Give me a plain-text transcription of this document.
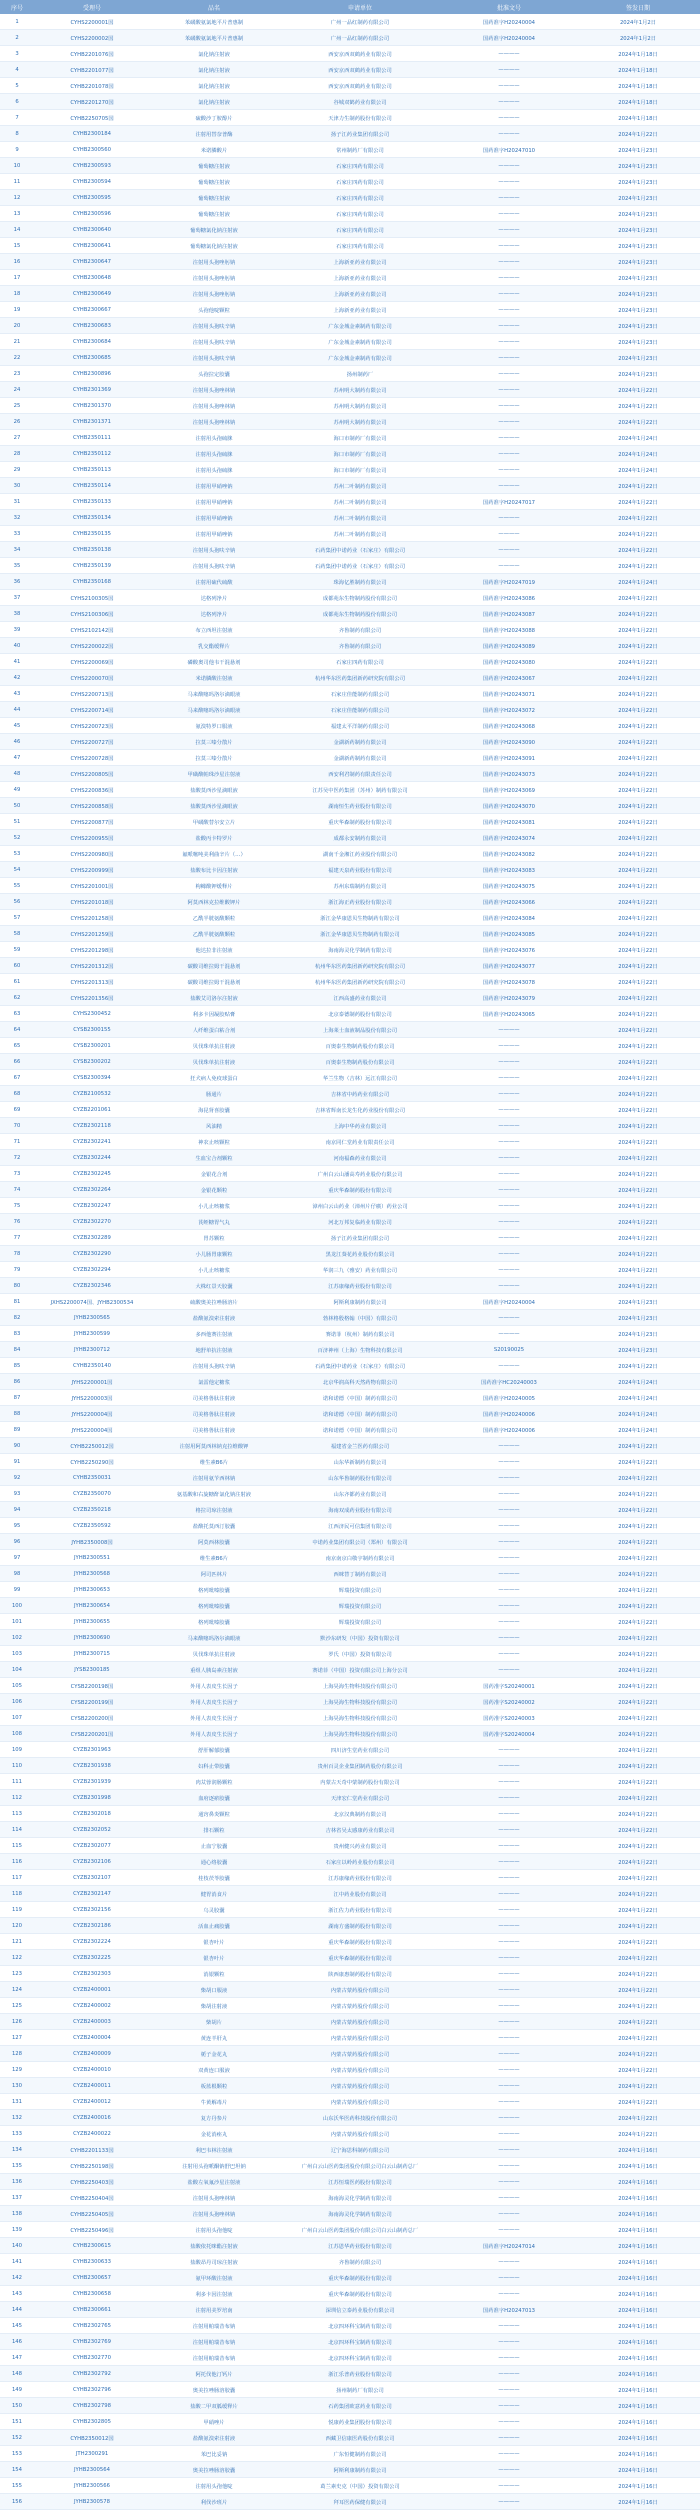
序号	受理号	品名	申请单位	批准文号	签发日期
1	CYHS2200001国	苯磺酸氨氯地平片普惠制	广州一品红制药有限公司	国药准字H20240004	2024年1月2日
2	CYHS2200002国	苯磺酸氨氯地平片普惠制	广州一品红制药有限公司	国药准字H20240004	2024年1月2日
3	CYHB2201076国	氯化钠注射液	西安京西双鹤药业有限公司	————	2024年1月18日
4	CYHB2201077国	氯化钠注射液	西安京西双鹤药业有限公司	————	2024年1月18日
5	CYHB2201078国	氯化钠注射液	西安京西双鹤药业有限公司	————	2024年1月18日
6	CYHB2201270国	氯化钠注射液	谷城双鹤药业有限公司	————	2024年1月18日
7	CYHB2250705国	硫酸沙丁胺醇片	天津力生制药股份有限公司	————	2024年1月18日
8	CYHB2300184	注射用替奈普酶	扬子江药业集团有限公司	————	2024年1月22日
9	CYHB2300560	米诺膦酸片	常州制药厂有限公司	国药准字H20247010	2024年1月23日
10	CYHB2300593	葡萄糖注射液	石家庄四药有限公司	————	2024年1月23日
11	CYHB2300594	葡萄糖注射液	石家庄四药有限公司	————	2024年1月23日
12	CYHB2300595	葡萄糖注射液	石家庄四药有限公司	————	2024年1月23日
13	CYHB2300596	葡萄糖注射液	石家庄四药有限公司	————	2024年1月23日
14	CYHB2300640	葡萄糖氯化钠注射液	石家庄四药有限公司	————	2024年1月23日
15	CYHB2300641	葡萄糖氯化钠注射液	石家庄四药有限公司	————	2024年1月23日
16	CYHB2300647	注射用头孢唑肟钠	上海新亚药业有限公司	————	2024年1月23日
17	CYHB2300648	注射用头孢唑肟钠	上海新亚药业有限公司	————	2024年1月23日
18	CYHB2300649	注射用头孢唑肟钠	上海新亚药业有限公司	————	2024年1月23日
19	CYHB2300667	头孢他啶颗粒	上海新亚药业有限公司	————	2024年1月23日
20	CYHB2300683	注射用头孢呋辛钠	广东金城金素制药有限公司	————	2024年1月23日
21	CYHB2300684	注射用头孢呋辛钠	广东金城金素制药有限公司	————	2024年1月23日
22	CYHB2300685	注射用头孢呋辛钠	广东金城金素制药有限公司	————	2024年1月23日
23	CYHB2300896	头孢拉定胶囊	扬州制药厂	————	2024年1月23日
24	CYHB2301369	注射用头孢唑林钠	苏州明大制药有限公司	————	2024年1月22日
25	CYHB2301370	注射用头孢唑林钠	苏州明大制药有限公司	————	2024年1月22日
26	CYHB2301371	注射用头孢唑林钠	苏州明大制药有限公司	————	2024年1月22日
27	CYHB2350111	注射用头孢硫脒	海口市制药厂有限公司	————	2024年1月24日
28	CYHB2350112	注射用头孢硫脒	海口市制药厂有限公司	————	2024年1月24日
29	CYHB2350113	注射用头孢硫脒	海口市制药厂有限公司	————	2024年1月24日
30	CYHB2350114	注射用甲硝唑钠	苏州二叶制药有限公司	————	2024年1月22日
31	CYHB2350133	注射用甲硝唑钠	苏州二叶制药有限公司	国药准字H20247017	2024年1月22日
32	CYHB2350134	注射用甲硝唑钠	苏州二叶制药有限公司	————	2024年1月22日
33	CYHB2350135	注射用甲硝唑钠	苏州二叶制药有限公司	————	2024年1月22日
34	CYHB2350138	注射用头孢呋辛钠	石药集团中诺药业（石家庄）有限公司	————	2024年1月22日
35	CYHB2350139	注射用头孢呋辛钠	石药集团中诺药业（石家庄）有限公司	————	2024年1月22日
36	CYHB2350168	注射用硫代硫酸	珠海亿胜制药有限公司	国药准字H20247019	2024年1月24日
37	CYHS2100305国	达格列净片	成都苑东生物制药股份有限公司	国药准字H20243086	2024年1月22日
38	CYHS2100306国	达格列净片	成都苑东生物制药股份有限公司	国药准字H20243087	2024年1月22日
39	CYHS2102142国	布立西坦注射液	齐鲁制药有限公司	国药准字H20243088	2024年1月22日
40	CYHS2200022国	乳交酯缓释片	齐鲁制药有限公司	国药准字H20243089	2024年1月22日
41	CYHS2200069国	磷酸奥司他韦干混悬剂	石家庄四药有限公司	国药准字H20243080	2024年1月22日
42	CYHS2200070国	米诺膦酸注射液	杭州华东医药集团新药研究院有限公司	国药准字H20243067	2024年1月22日
43	CYHS2200713国	马来酸噻吗洛尔滴眼液	石家庄佳能制药有限公司	国药准字H20243071	2024年1月22日
44	CYHS2200714国	马来酸噻吗洛尔滴眼液	石家庄佳能制药有限公司	国药准字H20243072	2024年1月22日
45	CYHS2200723国	氨溴特罗口服液	福建太平洋制药有限公司	国药准字H20243068	2024年1月22日
46	CYHS2200727国	拉莫三嗪分散片	金湖新药制药有限公司	国药准字H20243090	2024年1月22日
47	CYHS2200728国	拉莫三嗪分散片	金湖新药制药有限公司	国药准字H20243091	2024年1月22日
48	CYHS2200805国	甲磺酸帕珠沙星注射液	西安利君制药有限责任公司	国药准字H20243073	2024年1月22日
49	CYHS2200836国	盐酸莫西沙星滴眼液	江苏吴中医药集团（苏州）制药有限公司	国药准字H20243069	2024年1月22日
50	CYHS2200858国	盐酸莫西沙星滴眼液	湖南恒生药业股份有限公司	国药准字H20243070	2024年1月22日
51	CYHS2200877国	甲磺酸替尔安立片	重庆华森制药股份有限公司	国药准字H20243081	2024年1月22日
52	CYHS2200955国	盐酸丙卡特罗片	成都永安制药有限公司	国药准字H20243074	2024年1月22日
53	CYHS2200980国	氟哌噻吨美利曲辛片（…）	湖南千金湘江药业股份有限公司	国药准字H20243082	2024年1月22日
54	CYHS2200999国	盐酸布比卡因注射液	福建天泉药业股份有限公司	国药准字H20243083	2024年1月22日
55	CYHS2201001国	枸橼酸钾缓释片	苏州东瑞制药有限公司	国药准字H20243075	2024年1月22日
56	CYHS2201018国	阿莫西林克拉维酸钾片	浙江海正药业股份有限公司	国药准字H20243066	2024年1月22日
57	CYHS2201258国	乙酰半胱氨酸颗粒	浙江金华康恩贝生物制药有限公司	国药准字H20243084	2024年1月22日
58	CYHS2201259国	乙酰半胱氨酸颗粒	浙江金华康恩贝生物制药有限公司	国药准字H20243085	2024年1月22日
59	CYHS2201298国	他达拉非注射液	海南海灵化学制药有限公司	国药准字H20243076	2024年1月22日
60	CYHS2201312国	碳酸司维拉姆干混悬剂	杭州华东医药集团新药研究院有限公司	国药准字H20243077	2024年1月22日
61	CYHS2201313国	碳酸司维拉姆干混悬剂	杭州华东医药集团新药研究院有限公司	国药准字H20243078	2024年1月22日
62	CYHS2201356国	盐酸艾司洛尔注射液	江西高盛药业有限公司	国药准字H20243079	2024年1月22日
63	CYHS2300452	利多卡因凝胶贴膏	北京泰德制药股份有限公司	国药准字H20243065	2024年1月22日
64	CYSB2300155	人纤维蛋白粘合剂	上海莱士血液制品股份有限公司	————	2024年1月22日
65	CYSB2300201	贝伐珠单抗注射液	百奥泰生物制药股份有限公司	————	2024年1月22日
66	CYSB2300202	贝伐珠单抗注射液	百奥泰生物制药股份有限公司	————	2024年1月22日
67	CYSB2300394	狂犬病人免疫球蛋白	华兰生物（吉林）远江有限公司	————	2024年1月22日
68	CYZB2100532	肠通片	吉林省中药药业有限公司	————	2024年1月22日
69	CYZB2201061	海昆肾喜胶囊	吉林省辉南长龙生化药业股份有限公司	————	2024年1月22日
70	CYZB2302118	风油精	上海中华药业有限公司	————	2024年1月22日
71	CYZB2302241	神农止咳颗粒	南京同仁堂药业有限责任公司	————	2024年1月22日
72	CYZB2302244	生血宝合剂颗粒	河南福森药业有限公司	————	2024年1月22日
73	CYZB2302245	金银花合剂	广州白云山潘高寿药业股份有限公司	————	2024年1月22日
74	CYZB2302264	金银花颗粒	重庆华森制药股份有限公司	————	2024年1月22日
75	CYZB2302247	小儿止咳糖浆	漳州白云山药业（漳州片仔癀）药业公司	————	2024年1月22日
76	CYZB2302270	芪蛭糖胃气丸	河北万邦复临药业有限公司	————	2024年1月22日
77	CYZB2302289	胃苏颗粒	扬子江药业集团有限公司	————	2024年1月22日
78	CYZB2302290	小儿肠胃康颗粒	黑龙江葵花药业股份有限公司	————	2024年1月22日
79	CYZB2302294	小儿止咳糖浆	华润三九（雅安）药业有限公司	————	2024年1月22日
80	CYZB2302346	大株红景天胶囊	江苏康缘药业股份有限公司	————	2024年1月22日
81	JXHS2200074国、JYHB2300534	硫酸奥美拉唑肠溶片	阿斯利康制药有限公司	国药准字H20240004	2024年1月23日
82	JYHB2300565	盐酸氨溴索注射液	勃林格殷格翰（中国）有限公司	————	2024年1月23日
83	JYHB2300599	多西他赛注射液	赛诺菲（杭州）制药有限公司	————	2024年1月23日
84	JYHB2300712	地舒单抗注射液	百济神州（上海）生物科技有限公司	S20190025	2024年1月23日
85	CYHB2350140	注射用头孢呋辛钠	石药集团中诺药业（石家庄）有限公司	————	2024年1月22日
86	JYHS2200001国	氯雷他定糖浆	北京华润高科天然药物有限公司	国药准字HC20240003	2024年1月24日
87	JYHS2200003国	司美格鲁肽注射液	诺和诺德（中国）制药有限公司	国药准字H20240005	2024年1月24日
88	JYHS2200004国	司美格鲁肽注射液	诺和诺德（中国）制药有限公司	国药准字H20240006	2024年1月24日
89	JYHS2200004国	司美格鲁肽注射液	诺和诺德（中国）制药有限公司	国药准字H20240006	2024年1月24日
90	CYHB2250012国	注射用阿莫西林钠克拉维酸钾	福建省金兰医药有限公司	————	2024年1月22日
91	CYHB2250290国	维生素B6片	山东华新制药有限公司	————	2024年1月22日
92	CYHB2350031	注射用氨苄西林钠	山东华鲁制药股份有限公司	————	2024年1月22日
93	CYZB2350070	氨基酸和右旋糖酐氯化钠注射液	山东齐都药业有限公司	————	2024年1月22日
94	CYZB2350218	格拉司琼注射液	海南双成药业股份有限公司	————	2024年1月22日
95	CYZB2350592	盐酸托莫西汀胶囊	江西济民可信集团有限公司	————	2024年1月22日
96	JYHB2350008国	阿莫西林胶囊	中诺药业集团有限公司（郑州）有限公司	————	2024年1月22日
97	JYHB2300551	维生素B6片	南京南京白敬宇制药有限公司	————	2024年1月22日
98	JYHB2300568	阿司匹林片	西咪替丁制药有限公司	————	2024年1月22日
99	JYHB2300653	格列吡嗪胶囊	辉瑞投资有限公司	————	2024年1月22日
100	JYHB2300654	格列吡嗪胶囊	辉瑞投资有限公司	————	2024年1月22日
101	JYHB2300655	格列吡嗪胶囊	辉瑞投资有限公司	————	2024年1月22日
102	JYHB2300690	马来酸噻吗洛尔滴眼液	默沙东研发（中国）投资有限公司	————	2024年1月22日
103	JYHB2300715	贝伐珠单抗注射液	罗氏（中国）投资有限公司	————	2024年1月22日
104	JYSB2300185	重组人胰岛素注射液	赛诺菲（中国）投资有限公司上海分公司	————	2024年1月22日
105	CYSB2200198国	外用人表皮生长因子	上海昊海生物科技股份有限公司	国药准字S20240001	2024年1月22日
106	CYSB2200199国	外用人表皮生长因子	上海昊海生物科技股份有限公司	国药准字S20240002	2024年1月22日
107	CYSB2200200国	外用人表皮生长因子	上海昊海生物科技股份有限公司	国药准字S20240003	2024年1月22日
108	CYSB2200201国	外用人表皮生长因子	上海昊海生物科技股份有限公司	国药准字S20240004	2024年1月22日
109	CYZB2301963	舒肝解郁胶囊	四川济生堂药业有限公司	————	2024年1月22日
110	CYZB2301938	妇科止带胶囊	贵州百灵企业集团制药股份有限公司	————	2024年1月22日
111	CYZB2301939	肉苁蓉润肠颗粒	内蒙古天奇中蒙制药股份有限公司	————	2024年1月22日
112	CYZB2301998	血府逐瘀胶囊	天津宏仁堂药业有限公司	————	2024年1月22日
113	CYZB2302018	通窍鼻炎颗粒	北京汉典制药有限公司	————	2024年1月22日
114	CYZB2302052	排石颗粒	吉林省吴太感康药业有限公司	————	2024年1月22日
115	CYZB2302077	止血宁胶囊	贵州健兴药业有限公司	————	2024年1月22日
116	CYZB2302106	通心络胶囊	石家庄以岭药业股份有限公司	————	2024年1月22日
117	CYZB2302107	桂枝茯苓胶囊	江苏康缘药业股份有限公司	————	2024年1月22日
118	CYZB2302147	健胃消食片	江中药业股份有限公司	————	2024年1月22日
119	CYZB2302156	乌灵胶囊	浙江佐力药业股份有限公司	————	2024年1月22日
120	CYZB2302186	活血止痛胶囊	湖南方盛制药股份有限公司	————	2024年1月22日
121	CYZB2302224	银杏叶片	重庆华森制药股份有限公司	————	2024年1月22日
122	CYZB2302225	银杏叶片	重庆华森制药股份有限公司	————	2024年1月22日
123	CYZB2302303	消银颗粒	陕西康惠制药股份有限公司	————	2024年1月22日
124	CYZB2400001	柴胡口服液	内蒙古蒙药股份有限公司	————	2024年1月22日
125	CYZB2400002	柴胡注射液	内蒙古蒙药股份有限公司	————	2024年1月22日
126	CYZB2400003	柴胡片	内蒙古蒙药股份有限公司	————	2024年1月22日
127	CYZB2400004	黄连羊肝丸	内蒙古蒙药股份有限公司	————	2024年1月22日
128	CYZB2400009	栀子金花丸	内蒙古蒙药股份有限公司	————	2024年1月22日
129	CYZB2400010	双黄连口服液	内蒙古蒙药股份有限公司	————	2024年1月22日
130	CYZB2400011	板蓝根颗粒	内蒙古蒙药股份有限公司	————	2024年1月22日
131	CYZB2400012	牛黄解毒片	内蒙古蒙药股份有限公司	————	2024年1月22日
132	CYZB2400016	复方丹参片	山东沃华医药科技股份有限公司	————	2024年1月22日
133	CYZB2400022	金花消痤丸	内蒙古蒙药股份有限公司	————	2024年1月22日
134	CYHB2201133国	利巴韦林注射液	辽宁海思科制药有限公司	————	2024年1月16日
135	CYHB2250198国	注射用头孢哌酮钠舒巴坦钠	广州白云山医药集团股份有限公司白云山制药总厂	————	2024年1月16日
136	CYHB2250403国	盐酸左氧氟沙星注射液	江苏恒瑞医药股份有限公司	————	2024年1月16日
137	CYHB2250404国	注射用头孢唑林钠	海南海灵化学制药有限公司	————	2024年1月16日
138	CYHB2250405国	注射用头孢唑林钠	海南海灵化学制药有限公司	————	2024年1月16日
139	CYHB2250496国	注射用头孢他啶	广州白云山医药集团股份有限公司白云山制药总厂	————	2024年1月16日
140	CYHB2300615	盐酸依托咪酯注射液	江苏恩华药业股份有限公司	国药准字H20247014	2024年1月16日
141	CYHB2300633	盐酸昂丹司琼注射液	齐鲁制药有限公司	————	2024年1月16日
142	CYHB2300657	氨甲环酸注射液	重庆华森制药股份有限公司	————	2024年1月16日
143	CYHB2300658	利多卡因注射液	重庆华森制药股份有限公司	————	2024年1月16日
144	CYHB2300661	注射用美罗培南	深圳信立泰药业股份有限公司	国药准字H20247013	2024年1月16日
145	CYHB2302765	注射用帕瑞昔布钠	北京四环科宝制药有限公司	————	2024年1月16日
146	CYHB2302769	注射用帕瑞昔布钠	北京四环科宝制药有限公司	————	2024年1月16日
147	CYHB2302770	注射用帕瑞昔布钠	北京四环科宝制药有限公司	————	2024年1月16日
148	CYHB2302792	阿托伐他汀钙片	浙江乐普药业股份有限公司	————	2024年1月16日
149	CYHB2302796	奥美拉唑肠溶胶囊	扬州制药厂有限公司	————	2024年1月16日
150	CYHB2302798	盐酸二甲双胍缓释片	石药集团欧意药业有限公司	————	2024年1月16日
151	CYHB2302805	甲硝唑片	悦康药业集团股份有限公司	————	2024年1月16日
152	CYHB2350012国	盐酸氨溴索注射液	西藏卫信康医药股份有限公司	————	2024年1月16日
153	JTH2300291	苯巴比妥钠	广东恒健制药有限公司	————	2024年1月16日
154	JYHB2300564	奥美拉唑肠溶胶囊	阿斯利康制药有限公司	————	2024年1月16日
155	JYHB2300566	注射用头孢他啶	葛兰素史克（中国）投资有限公司	————	2024年1月16日
156	JYHB2300578	利伐沙班片	拜耳医药保健有限公司	————	2024年1月16日
